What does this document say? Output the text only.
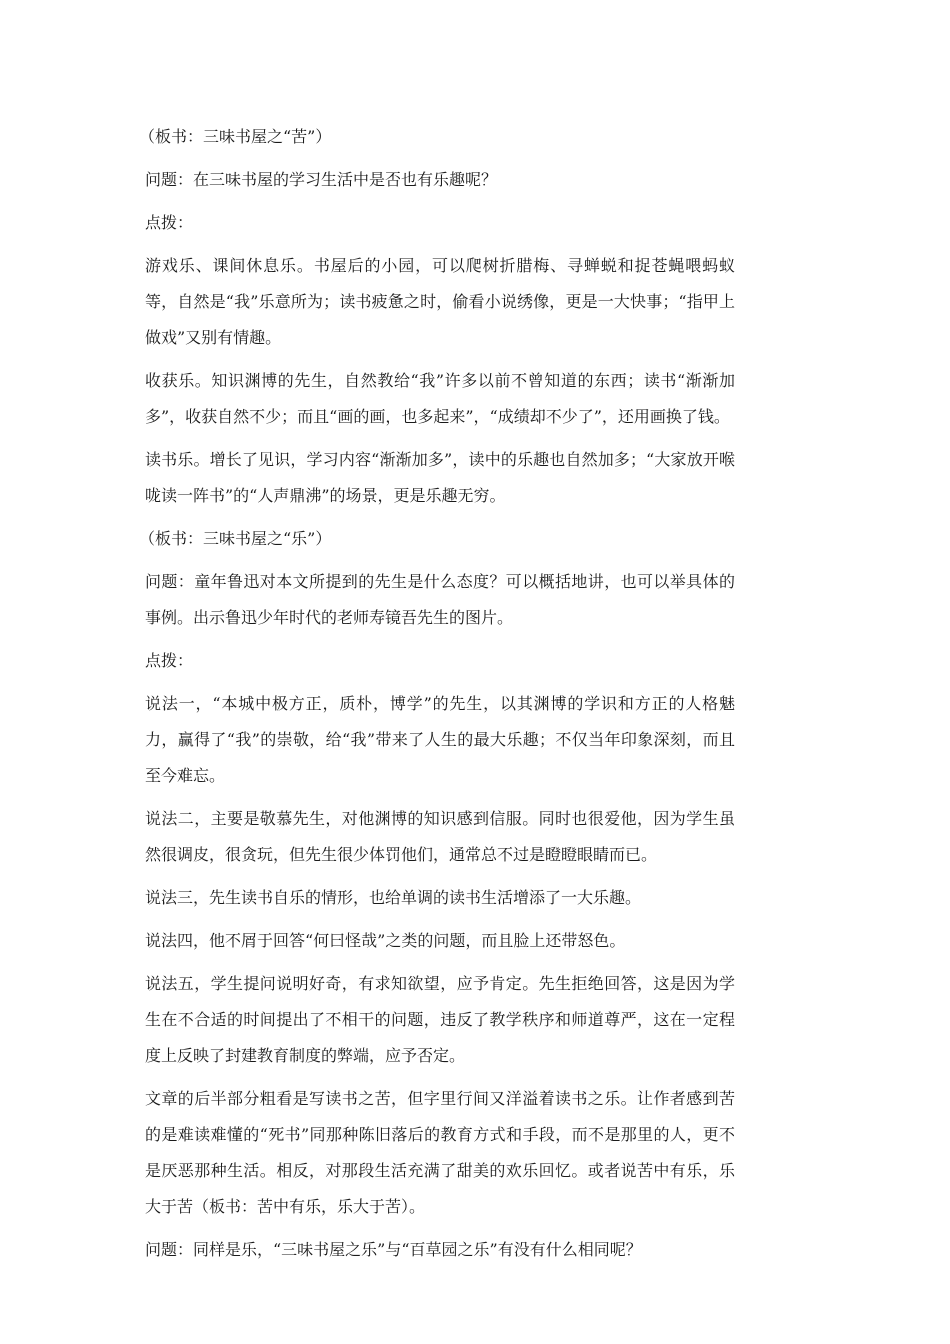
（板书：三味书屋之“苦”）

问题：在三味书屋的学习生活中是否也有乐趣呢？

点拨：

游戏乐、课间休息乐。书屋后的小园，可以爬树折腊梅、寻蝉蜕和捉苍蝇喂蚂蚁等，自然是“我”乐意所为；读书疲惫之时，偷看小说绣像，更是一大快事；“指甲上做戏”又别有情趣。

收获乐。知识渊博的先生，自然教给“我”许多以前不曾知道的东西；读书“渐渐加多”，收获自然不少；而且“画的画，也多起来”，“成绩却不少了”，还用画换了钱。

读书乐。增长了见识，学习内容“渐渐加多”，读中的乐趣也自然加多；“大家放开喉咙读一阵书”的“人声鼎沸”的场景，更是乐趣无穷。

（板书：三味书屋之“乐”）

问题：童年鲁迅对本文所提到的先生是什么态度？可以概括地讲，也可以举具体的事例。出示鲁迅少年时代的老师寿镜吾先生的图片。

点拨：

说法一，“本城中极方正，质朴，博学”的先生，以其渊博的学识和方正的人格魅力，赢得了“我”的崇敬，给“我”带来了人生的最大乐趣；不仅当年印象深刻，而且至今难忘。

说法二，主要是敬慕先生，对他渊博的知识感到信服。同时也很爱他，因为学生虽然很调皮，很贪玩，但先生很少体罚他们，通常总不过是瞪瞪眼睛而已。

说法三，先生读书自乐的情形，也给单调的读书生活增添了一大乐趣。

说法四，他不屑于回答“何曰怪哉”之类的问题，而且脸上还带怒色。

说法五，学生提问说明好奇，有求知欲望，应予肯定。先生拒绝回答，这是因为学生在不合适的时间提出了不相干的问题，违反了教学秩序和师道尊严，这在一定程度上反映了封建教育制度的弊端，应予否定。

文章的后半部分粗看是写读书之苦，但字里行间又洋溢着读书之乐。让作者感到苦的是难读难懂的“死书”同那种陈旧落后的教育方式和手段，而不是那里的人，更不是厌恶那种生活。相反，对那段生活充满了甜美的欢乐回忆。或者说苦中有乐，乐大于苦（板书：苦中有乐，乐大于苦）。

问题：同样是乐，“三味书屋之乐”与“百草园之乐”有没有什么相同呢？
